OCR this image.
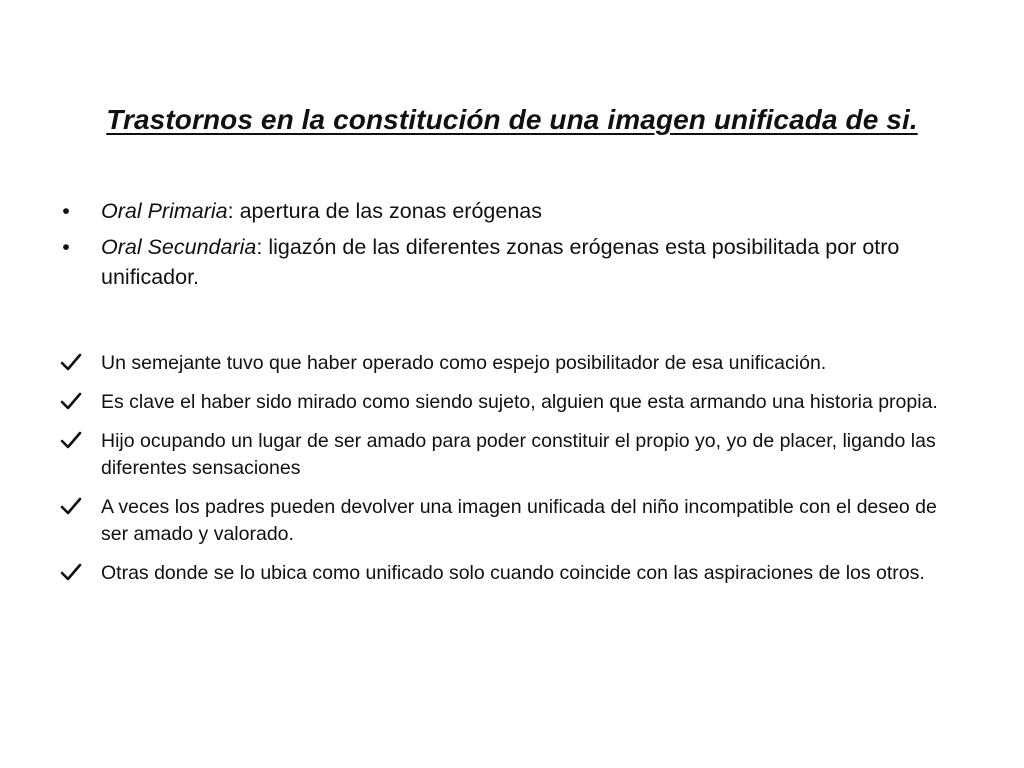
Trastornos en la constitución de una imagen unificada de si.
• Oral Primaria: apertura de las zonas erógenas
• Oral Secundaria: ligazón de las diferentes zonas erógenas esta posibilitada por otro unificador.
Un semejante tuvo que haber operado como espejo posibilitador de esa unificación.
Es clave el haber sido mirado como siendo sujeto, alguien que esta armando una historia propia.
Hijo ocupando un lugar de ser amado para poder constituir el propio yo, yo de placer, ligando las diferentes sensaciones
A veces los padres pueden devolver una imagen unificada del niño incompatible con el deseo de ser amado y valorado.
Otras donde se lo ubica como unificado solo cuando coincide con las aspiraciones de los otros.
